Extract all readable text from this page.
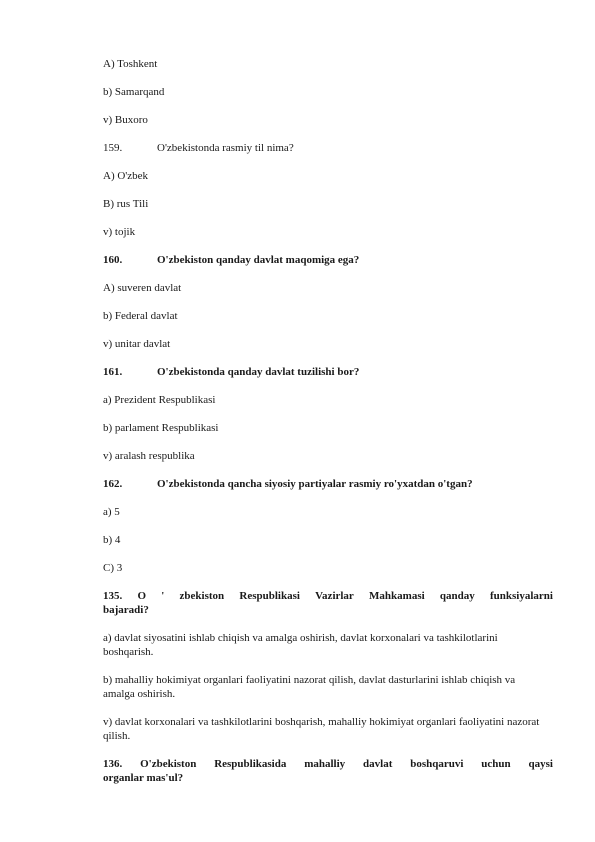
A) Toshkent
b) Samarqand
v) Buxoro
159.	O'zbekistonda rasmiy til nima?
A) O'zbek
B) rus Tili
v) tojik
160.	O'zbekiston qanday davlat maqomiga ega?
A) suveren davlat
b) Federal davlat
v) unitar davlat
161.	O'zbekistonda qanday davlat tuzilishi bor?
a) Prezident Respublikasi
b) parlament Respublikasi
v) aralash respublika
162.	O'zbekistonda qancha siyosiy partiyalar rasmiy ro'yxatdan o'tgan?
a) 5
b) 4
C) 3
135. O ' zbekiston Respublikasi Vazirlar Mahkamasi qanday funksiyalarni
bajaradi?
a) davlat siyosatini ishlab chiqish va amalga oshirish, davlat korxonalari va tashkilotlarini boshqarish.
b) mahalliy hokimiyat organlari faoliyatini nazorat qilish, davlat dasturlarini ishlab chiqish va amalga oshirish.
v) davlat korxonalari va tashkilotlarini boshqarish, mahalliy hokimiyat organlari faoliyatini nazorat qilish.
136. O'zbekiston Respublikasida mahalliy davlat boshqaruvi uchun qaysi
organlar mas'ul?
